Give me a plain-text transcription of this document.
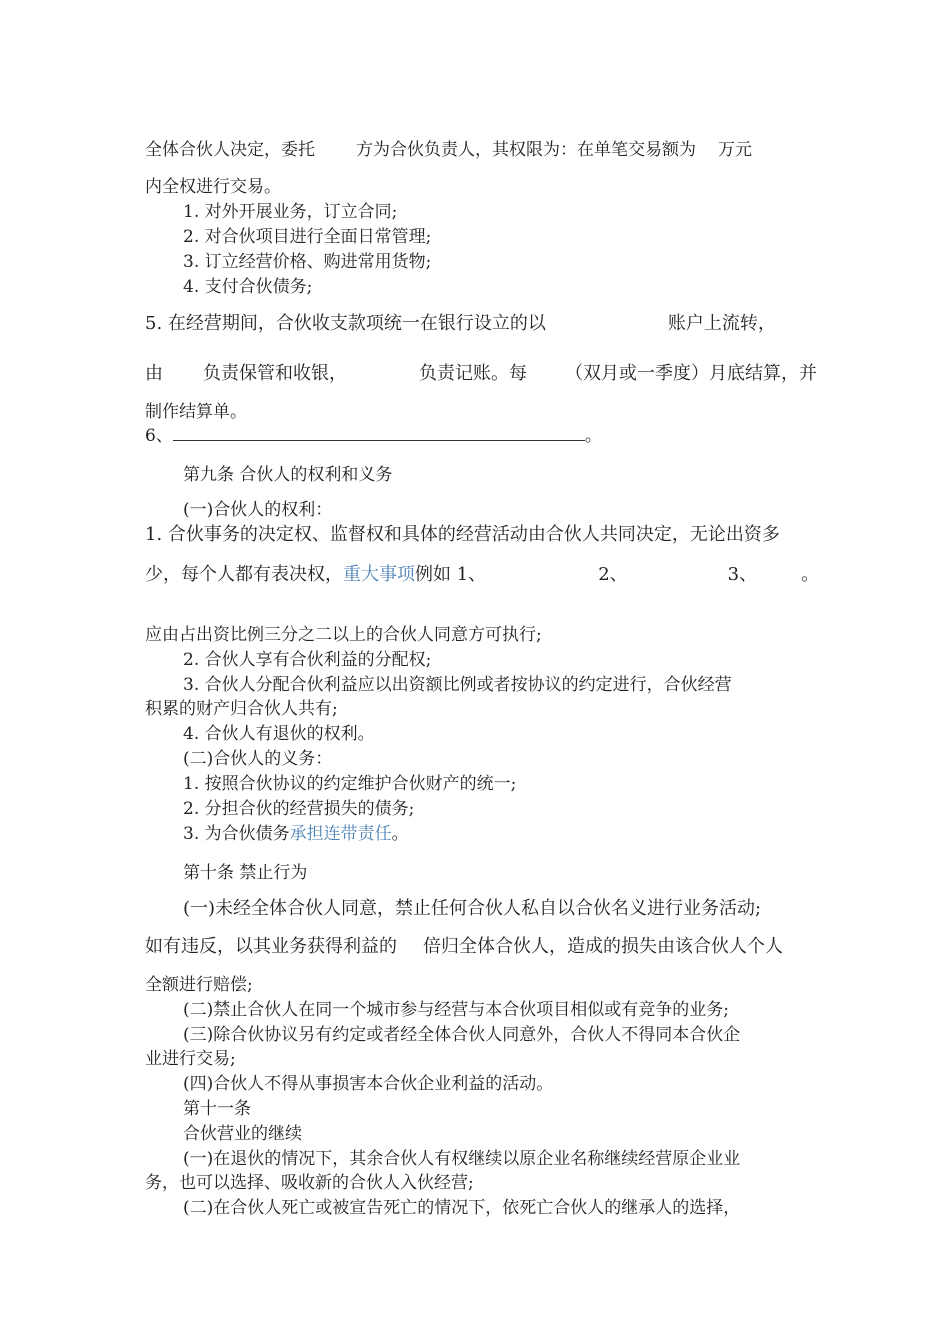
全体合伙人决定，委托 方为合伙负责人，其权限为：在单笔交易额为 万元
内全权进行交易。
1. 对外开展业务，订立合同;
2. 对合伙项目进行全面日常管理;
3. 订立经营价格、购进常用货物;
4. 支付合伙债务;
5. 在经营期间，合伙收支款项统一在银行设立的以	账户上流转，
由 负责保管和收银，	负责记账。每 （双月或一季度）月底结算，并
制作结算单。
6、	。
第九条 合伙人的权利和义务
(一)合伙人的权利：
1. 合伙事务的决定权、监督权和具体的经营活动由合伙人共同决定，无论出资多
少，每个人都有表决权，重大事项例如 1、	2、	3、 。
应由占出资比例三分之二以上的合伙人同意方可执行;
2. 合伙人享有合伙利益的分配权;
3. 合伙人分配合伙利益应以出资额比例或者按协议的约定进行，合伙经营
积累的财产归合伙人共有;
4. 合伙人有退伙的权利。
(二)合伙人的义务：
1. 按照合伙协议的约定维护合伙财产的统一;
2. 分担合伙的经营损失的债务;
3. 为合伙债务承担连带责任。
第十条 禁止行为
(一)未经全体合伙人同意，禁止任何合伙人私自以合伙名义进行业务活动;
如有违反，以其业务获得利益的 倍归全体合伙人，造成的损失由该合伙人个人
全额进行赔偿;
(二)禁止合伙人在同一个城市参与经营与本合伙项目相似或有竞争的业务;
(三)除合伙协议另有约定或者经全体合伙人同意外，合伙人不得同本合伙企
业进行交易;
(四)合伙人不得从事损害本合伙企业利益的活动。
第十一条
合伙营业的继续
(一)在退伙的情况下，其余合伙人有权继续以原企业名称继续经营原企业业
务，也可以选择、吸收新的合伙人入伙经营;
(二)在合伙人死亡或被宣告死亡的情况下，依死亡合伙人的继承人的选择，
